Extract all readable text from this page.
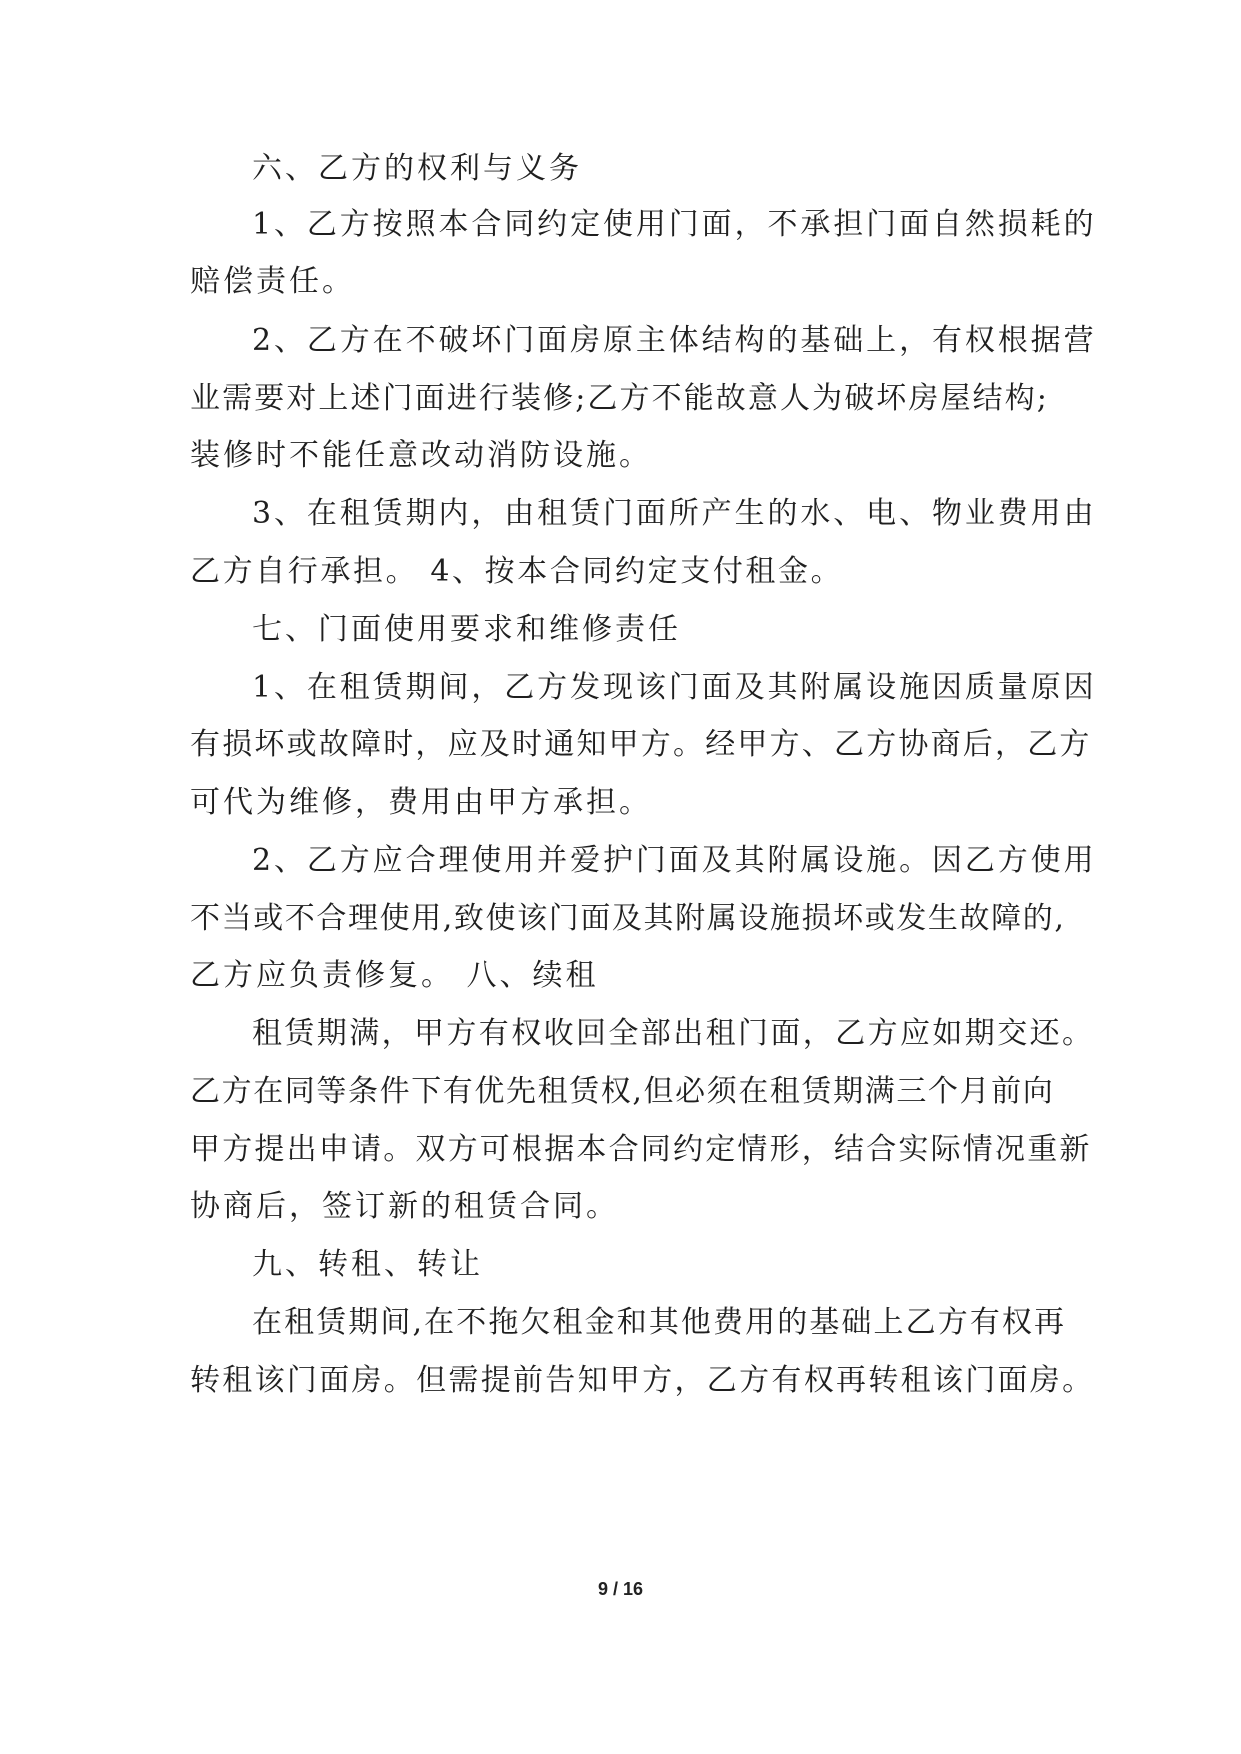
六、乙方的权利与义务
1、乙方按照本合同约定使用门面，不承担门面自然损耗的
赔偿责任。
2、乙方在不破坏门面房原主体结构的基础上，有权根据营
业需要对上述门面进行装修;乙方不能故意人为破坏房屋结构;
装修时不能任意改动消防设施。
3、在租赁期内，由租赁门面所产生的水、电、物业费用由
乙方自行承担。 4、按本合同约定支付租金。
七、门面使用要求和维修责任
1、在租赁期间，乙方发现该门面及其附属设施因质量原因
有损坏或故障时，应及时通知甲方。经甲方、乙方协商后，乙方
可代为维修，费用由甲方承担。
2、乙方应合理使用并爱护门面及其附属设施。因乙方使用
不当或不合理使用,致使该门面及其附属设施损坏或发生故障的,
乙方应负责修复。 八、续租
租赁期满，甲方有权收回全部出租门面，乙方应如期交还。
乙方在同等条件下有优先租赁权,但必须在租赁期满三个月前向
甲方提出申请。双方可根据本合同约定情形，结合实际情况重新
协商后，签订新的租赁合同。
九、转租、转让
在租赁期间,在不拖欠租金和其他费用的基础上乙方有权再
转租该门面房。但需提前告知甲方，乙方有权再转租该门面房。
9 / 16
